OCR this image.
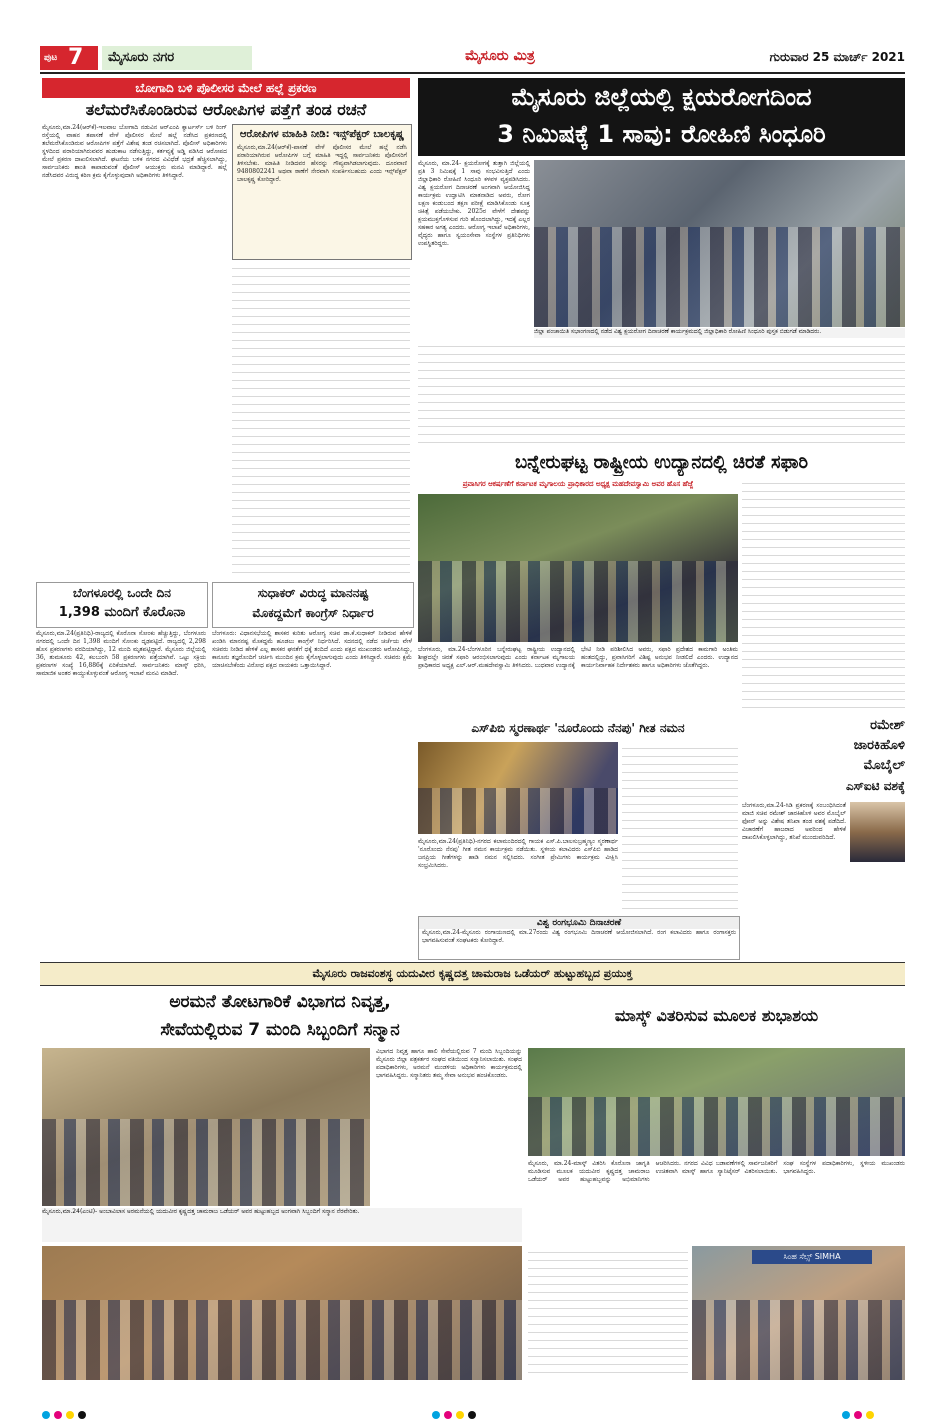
ಪುಟ 7 ಮೈಸೂರು ನಗರ	ಮೈಸೂರು ಮಿತ್ರ	ಗುರುವಾರ 25 ಮಾರ್ಚ್ 2021
ಬೋಗಾದಿ ಬಳಿ ಪೊಲೀಸರ ಮೇಲೆ ಹಲ್ಲೆ ಪ್ರಕರಣ
ತಲೆಮರೆಸಿಕೊಂಡಿರುವ ಆರೋಪಿಗಳ ಪತ್ತೆಗೆ ತಂಡ ರಚನೆ
ಮೈಸೂರು,ಮಾ.24(ಆರ್‌ಕೆ)-ಇಲವಾಲ ಬೋಗಾದಿ ನಡುವಿನ ಆರ್‌ಎಂಪಿ ಕ್ವಾರ್ಟರ್ಸ್ ಬಳಿ ರಿಂಗ್ ರಸ್ತೆಯಲ್ಲಿ ವಾಹನ ತಪಾಸಣೆ ವೇಳೆ ಪೊಲೀಸರ ಮೇಲೆ ಹಲ್ಲೆ ನಡೆಸಿದ ಪ್ರಕರಣದಲ್ಲಿ ತಲೆಮರೆಸಿಕೊಂಡಿರುವ ಆರೋಪಿಗಳ ಪತ್ತೆಗೆ ವಿಶೇಷ ತಂಡ ರಚಿಸಲಾಗಿದೆ. ಪೊಲೀಸ್ ಅಧಿಕಾರಿಗಳು ಸ್ಥಳದಿಂದ ಪರಾರಿಯಾಗಿರುವವರ ಹುಡುಕಾಟ ನಡೆಸುತ್ತಿದ್ದು, ಕರ್ತವ್ಯಕ್ಕೆ ಅಡ್ಡಿ ಪಡಿಸಿದ ಆರೋಪದ ಮೇಲೆ ಪ್ರಕರಣ ದಾಖಲಿಸಲಾಗಿದೆ. ಘಟನೆಯ ಬಳಿಕ ನಗರದ ವಿವಿಧೆಡೆ ಭದ್ರತೆ ಹೆಚ್ಚಿಸಲಾಗಿದ್ದು, ಸಾರ್ವಜನಿಕರು ಶಾಂತಿ ಕಾಪಾಡುವಂತೆ ಪೊಲೀಸ್ ಆಯುಕ್ತರು ಮನವಿ ಮಾಡಿದ್ದಾರೆ. ಹಲ್ಲೆ ನಡೆಸಿದವರ ವಿರುದ್ಧ ಕಠಿಣ ಕ್ರಮ ಕೈಗೊಳ್ಳುವುದಾಗಿ ಅಧಿಕಾರಿಗಳು ತಿಳಿಸಿದ್ದಾರೆ.
ಆರೋಪಿಗಳ ಮಾಹಿತಿ ನೀಡಿ: ಇನ್ಸ್‌ಪೆಕ್ಟರ್ ಬಾಲಕೃಷ್ಣ
ಮೈಸೂರು,ಮಾ.24(ಆರ್‌ಕೆ)-ಪಾಸಣೆ ವೇಳೆ ಪೊಲೀಸರ ಮೇಲೆ ಹಲ್ಲೆ ನಡೆಸಿ ಪರಾರಿಯಾಗಿರುವ ಆರೋಪಿಗಳ ಬಗ್ಗೆ ಮಾಹಿತಿ ಇದ್ದಲ್ಲಿ ಸಾರ್ವಜನಿಕರು ಪೊಲೀಸರಿಗೆ ತಿಳಿಸಬೇಕು. ಮಾಹಿತಿ ನೀಡಿದವರ ಹೆಸರನ್ನು ಗೌಪ್ಯವಾಗಿಡಲಾಗುವುದು. ದೂರವಾಣಿ 9480802241 ಅಥವಾ ಠಾಣೆಗೆ ನೇರವಾಗಿ ಸಂಪರ್ಕಿಸಬಹುದು ಎಂದು ಇನ್ಸ್‌ಪೆಕ್ಟರ್ ಬಾಲಕೃಷ್ಣ ಕೋರಿದ್ದಾರೆ.
ಮೈಸೂರು ಜಿಲ್ಲೆಯಲ್ಲಿ ಕ್ಷಯರೋಗದಿಂದ
3 ನಿಮಿಷಕ್ಕೆ 1 ಸಾವು: ರೋಹಿಣಿ ಸಿಂಧೂರಿ
ಮೈಸೂರು, ಮಾ.24- ಕ್ಷಯರೋಗಕ್ಕೆ ತುತ್ತಾಗಿ ಜಿಲ್ಲೆಯಲ್ಲಿ ಪ್ರತಿ 3 ನಿಮಿಷಕ್ಕೆ 1 ಸಾವು ಸಂಭವಿಸುತ್ತಿದೆ ಎಂದು ಜಿಲ್ಲಾಧಿಕಾರಿ ರೋಹಿಣಿ ಸಿಂಧೂರಿ ಕಳವಳ ವ್ಯಕ್ತಪಡಿಸಿದರು. ವಿಶ್ವ ಕ್ಷಯರೋಗ ದಿನಾಚರಣೆ ಅಂಗವಾಗಿ ಆಯೋಜಿಸಿದ್ದ ಕಾರ್ಯಕ್ರಮ ಉದ್ಘಾಟಿಸಿ ಮಾತನಾಡಿದ ಅವರು, ರೋಗ ಲಕ್ಷಣ ಕಂಡುಬಂದ ತಕ್ಷಣ ಪರೀಕ್ಷೆ ಮಾಡಿಸಿಕೊಂಡು ಸೂಕ್ತ ಚಿಕಿತ್ಸೆ ಪಡೆಯಬೇಕು. 2025ರ ವೇಳೆಗೆ ದೇಶವನ್ನು ಕ್ಷಯಮುಕ್ತಗೊಳಿಸುವ ಗುರಿ ಹೊಂದಲಾಗಿದ್ದು, ಇದಕ್ಕೆ ಎಲ್ಲರ ಸಹಕಾರ ಅಗತ್ಯ ಎಂದರು. ಆರೋಗ್ಯ ಇಲಾಖೆ ಅಧಿಕಾರಿಗಳು, ವೈದ್ಯರು ಹಾಗೂ ಸ್ವಯಂಸೇವಾ ಸಂಸ್ಥೆಗಳ ಪ್ರತಿನಿಧಿಗಳು ಉಪಸ್ಥಿತರಿದ್ದರು.
ಜಿಲ್ಲಾ ಪಂಚಾಯಿತಿ ಸಭಾಂಗಣದಲ್ಲಿ ನಡೆದ ವಿಶ್ವ ಕ್ಷಯರೋಗ ದಿನಾಚರಣೆ ಕಾರ್ಯಕ್ರಮದಲ್ಲಿ ಜಿಲ್ಲಾಧಿಕಾರಿ ರೋಹಿಣಿ ಸಿಂಧೂರಿ ಪುಸ್ತಕ ಬಿಡುಗಡೆ ಮಾಡಿದರು.
ಬನ್ನೇರುಘಟ್ಟ ರಾಷ್ಟ್ರೀಯ ಉದ್ಯಾನದಲ್ಲಿ ಚಿರತೆ ಸಫಾರಿ
ಪ್ರವಾಸಿಗರ ಆಕರ್ಷಣೆಗೆ ಕರ್ನಾಟಕ ಮೃಗಾಲಯ ಪ್ರಾಧಿಕಾರದ ಅಧ್ಯಕ್ಷ ಮಹದೇವಸ್ವಾಮಿ ಅವರ ಹೊಸ ಹೆಜ್ಜೆ
ಬೆಂಗಳೂರು, ಮಾ.24-ಬೆಂಗಳೂರಿನ ಬನ್ನೇರುಘಟ್ಟ ರಾಷ್ಟ್ರೀಯ ಉದ್ಯಾನದಲ್ಲಿ ಶೀಘ್ರದಲ್ಲೇ ಚಿರತೆ ಸಫಾರಿ ಆರಂಭಿಸಲಾಗುವುದು ಎಂದು ಕರ್ನಾಟಕ ಮೃಗಾಲಯ ಪ್ರಾಧಿಕಾರದ ಅಧ್ಯಕ್ಷ ಎಲ್.ಆರ್.ಮಹದೇವಸ್ವಾಮಿ ತಿಳಿಸಿದರು. ಬುಧವಾರ ಉದ್ಯಾನಕ್ಕೆ ಭೇಟಿ ನೀಡಿ ಪರಿಶೀಲಿಸಿದ ಅವರು, ಸಫಾರಿ ಪ್ರದೇಶದ ಕಾಮಗಾರಿ ಅಂತಿಮ ಹಂತದಲ್ಲಿದ್ದು, ಪ್ರವಾಸಿಗರಿಗೆ ವಿಶಿಷ್ಟ ಅನುಭವ ನೀಡಲಿದೆ ಎಂದರು. ಉದ್ಯಾನದ ಕಾರ್ಯನಿರ್ವಾಹಕ ನಿರ್ದೇಶಕರು ಹಾಗೂ ಅಧಿಕಾರಿಗಳು ಜೊತೆಗಿದ್ದರು.
ಬೆಂಗಳೂರಲ್ಲಿ ಒಂದೇ ದಿನ
1,398 ಮಂದಿಗೆ ಕೊರೊನಾ
ಮೈಸೂರು,ಮಾ.24(ಪ್ರತಿನಿಧಿ)-ರಾಜ್ಯದಲ್ಲಿ ಕೊರೊನಾ ಸೋಂಕು ಹೆಚ್ಚುತ್ತಿದ್ದು, ಬೆಂಗಳೂರು ನಗರದಲ್ಲಿ ಒಂದೇ ದಿನ 1,398 ಮಂದಿಗೆ ಸೋಂಕು ದೃಢಪಟ್ಟಿದೆ. ರಾಜ್ಯದಲ್ಲಿ 2,298 ಹೊಸ ಪ್ರಕರಣಗಳು ವರದಿಯಾಗಿದ್ದು, 12 ಮಂದಿ ಮೃತಪಟ್ಟಿದ್ದಾರೆ. ಮೈಸೂರು ಜಿಲ್ಲೆಯಲ್ಲಿ 36, ತುಮಕೂರು 42, ಕಲಬುರಗಿ 58 ಪ್ರಕರಣಗಳು ಪತ್ತೆಯಾಗಿವೆ. ಒಟ್ಟು ಸಕ್ರಿಯ ಪ್ರಕರಣಗಳ ಸಂಖ್ಯೆ 16,886ಕ್ಕೆ ಏರಿಕೆಯಾಗಿದೆ. ಸಾರ್ವಜನಿಕರು ಮಾಸ್ಕ್ ಧರಿಸಿ, ಸಾಮಾಜಿಕ ಅಂತರ ಕಾಯ್ದುಕೊಳ್ಳುವಂತೆ ಆರೋಗ್ಯ ಇಲಾಖೆ ಮನವಿ ಮಾಡಿದೆ.
ಸುಧಾಕರ್ ವಿರುದ್ಧ ಮಾನನಷ್ಟ
ಮೊಕದ್ದಮೆಗೆ ಕಾಂಗ್ರೆಸ್ ನಿರ್ಧಾರ
ಬೆಂಗಳೂರು: ವಿಧಾನಸಭೆಯಲ್ಲಿ ಶಾಸಕರ ಕುರಿತು ಆರೋಗ್ಯ ಸಚಿವ ಡಾ.ಕೆ.ಸುಧಾಕರ್ ನೀಡಿರುವ ಹೇಳಿಕೆ ಖಂಡಿಸಿ ಮಾನನಷ್ಟ ಮೊಕದ್ದಮೆ ಹೂಡಲು ಕಾಂಗ್ರೆಸ್ ನಿರ್ಧರಿಸಿದೆ. ಸದನದಲ್ಲಿ ನಡೆದ ಚರ್ಚೆಯ ವೇಳೆ ಸಚಿವರು ನೀಡಿದ ಹೇಳಿಕೆ ಎಲ್ಲ ಶಾಸಕರ ಘನತೆಗೆ ಧಕ್ಕೆ ತಂದಿದೆ ಎಂದು ಪಕ್ಷದ ಮುಖಂಡರು ಆರೋಪಿಸಿದ್ದು, ಕಾನೂನು ತಜ್ಞರೊಂದಿಗೆ ಚರ್ಚಿಸಿ ಮುಂದಿನ ಕ್ರಮ ಕೈಗೊಳ್ಳಲಾಗುವುದು ಎಂದು ತಿಳಿಸಿದ್ದಾರೆ. ಸಚಿವರು ಕ್ಷಮೆ ಯಾಚಿಸಬೇಕೆಂದು ವಿರೋಧ ಪಕ್ಷದ ನಾಯಕರು ಒತ್ತಾಯಿಸಿದ್ದಾರೆ.
ಎಸ್‌ಪಿಬಿ ಸ್ಮರಣಾರ್ಥ 'ನೂರೊಂದು ನೆನಪು' ಗೀತ ನಮನ
ಮೈಸೂರು,ಮಾ.24(ಪ್ರತಿನಿಧಿ)-ನಗರದ ಕಲಾಮಂದಿರದಲ್ಲಿ ಗಾಯಕ ಎಸ್.ಪಿ.ಬಾಲಸುಬ್ರಹ್ಮಣ್ಯಂ ಸ್ಮರಣಾರ್ಥ 'ನೂರೊಂದು ನೆನಪು' ಗೀತ ನಮನ ಕಾರ್ಯಕ್ರಮ ನಡೆಯಿತು. ಸ್ಥಳೀಯ ಕಲಾವಿದರು ಎಸ್‌ಪಿಬಿ ಹಾಡಿದ ಜನಪ್ರಿಯ ಗೀತೆಗಳನ್ನು ಹಾಡಿ ನಮನ ಸಲ್ಲಿಸಿದರು. ಸಂಗೀತ ಪ್ರೇಮಿಗಳು ಕಾರ್ಯಕ್ರಮ ವೀಕ್ಷಿಸಿ ಸಂಭ್ರಮಿಸಿದರು.
ವಿಶ್ವ ರಂಗಭೂಮಿ ದಿನಾಚರಣೆ
ಮೈಸೂರು,ಮಾ.24-ಮೈಸೂರು ರಂಗಾಯಣದಲ್ಲಿ ಮಾ.27ರಂದು ವಿಶ್ವ ರಂಗಭೂಮಿ ದಿನಾಚರಣೆ ಆಯೋಜಿಸಲಾಗಿದೆ. ರಂಗ ಕಲಾವಿದರು ಹಾಗೂ ರಂಗಾಸಕ್ತರು ಭಾಗವಹಿಸುವಂತೆ ಸಂಘಟಕರು ಕೋರಿದ್ದಾರೆ.
ರಮೇಶ್
ಜಾರಕಿಹೊಳಿ
ಮೊಬೈಲ್
ಎಸ್‌ಐಟಿ ವಶಕ್ಕೆ
ಬೆಂಗಳೂರು,ಮಾ.24-ಸಿಡಿ ಪ್ರಕರಣಕ್ಕೆ ಸಂಬಂಧಿಸಿದಂತೆ ಮಾಜಿ ಸಚಿವ ರಮೇಶ್ ಜಾರಕಿಹೊಳಿ ಅವರ ಮೊಬೈಲ್ ಫೋನ್ ಅನ್ನು ವಿಶೇಷ ತನಿಖಾ ತಂಡ ವಶಕ್ಕೆ ಪಡೆದಿದೆ. ವಿಚಾರಣೆಗೆ ಹಾಜರಾದ ಅವರಿಂದ ಹೇಳಿಕೆ ದಾಖಲಿಸಿಕೊಳ್ಳಲಾಗಿದ್ದು, ತನಿಖೆ ಮುಂದುವರಿದಿದೆ.
ಮೈಸೂರು ರಾಜವಂಶಸ್ಥ ಯದುವೀರ ಕೃಷ್ಣದತ್ತ ಚಾಮರಾಜ ಒಡೆಯರ್ ಹುಟ್ಟುಹಬ್ಬದ ಪ್ರಯುಕ್ತ
ಅರಮನೆ ತೋಟಗಾರಿಕೆ ವಿಭಾಗದ ನಿವೃತ್ತ,
ಸೇವೆಯಲ್ಲಿರುವ 7 ಮಂದಿ ಸಿಬ್ಬಂದಿಗೆ ಸನ್ಮಾನ
ವಿಭಾಗದ ನಿವೃತ್ತ ಹಾಗೂ ಹಾಲಿ ಸೇವೆಯಲ್ಲಿರುವ 7 ಮಂದಿ ಸಿಬ್ಬಂದಿಯನ್ನು ಮೈಸೂರು ಜಿಲ್ಲಾ ಪತ್ರಕರ್ತರ ಸಂಘದ ವತಿಯಿಂದ ಸನ್ಮಾನಿಸಲಾಯಿತು. ಸಂಘದ ಪದಾಧಿಕಾರಿಗಳು, ಅರಮನೆ ಮಂಡಳಿಯ ಅಧಿಕಾರಿಗಳು ಕಾರ್ಯಕ್ರಮದಲ್ಲಿ ಭಾಗವಹಿಸಿದ್ದರು. ಸನ್ಮಾನಿತರು ತಮ್ಮ ಸೇವಾ ಅನುಭವ ಹಂಚಿಕೊಂಡರು.
ಮೈಸೂರು,ಮಾ.24(ಎಂಟಿ)- ಅಂಬಾವಿಲಾಸ ಅರಮನೆಯಲ್ಲಿ ಯದುವೀರ ಕೃಷ್ಣದತ್ತ ಚಾಮರಾಜ ಒಡೆಯರ್ ಅವರ ಹುಟ್ಟುಹಬ್ಬದ ಅಂಗವಾಗಿ ಸಿಬ್ಬಂದಿಗೆ ಸನ್ಮಾನ ನೆರವೇರಿತು.
ಮಾಸ್ಕ್ ವಿತರಿಸುವ ಮೂಲಕ ಶುಭಾಶಯ
ಮೈಸೂರು, ಮಾ.24-ಮಾಸ್ಕ್ ವಿತರಿಸಿ ಕೊರೊನಾ ಜಾಗೃತಿ ಮೂಡಿಸುವ ಮೂಲಕ ಯದುವೀರ ಕೃಷ್ಣದತ್ತ ಚಾಮರಾಜ ಒಡೆಯರ್ ಅವರ ಹುಟ್ಟುಹಬ್ಬವನ್ನು ಅಭಿಮಾನಿಗಳು ಆಚರಿಸಿದರು. ನಗರದ ವಿವಿಧ ಬಡಾವಣೆಗಳಲ್ಲಿ ಸಾರ್ವಜನಿಕರಿಗೆ ಉಚಿತವಾಗಿ ಮಾಸ್ಕ್ ಹಾಗೂ ಸ್ಯಾನಿಟೈಸರ್ ವಿತರಿಸಲಾಯಿತು. ಸಂಘ ಸಂಸ್ಥೆಗಳ ಪದಾಧಿಕಾರಿಗಳು, ಸ್ಥಳೀಯ ಮುಖಂಡರು ಭಾಗವಹಿಸಿದ್ದರು.
ಸಿಂಹ ಸೆಲ್ಸ್ SIMHA
